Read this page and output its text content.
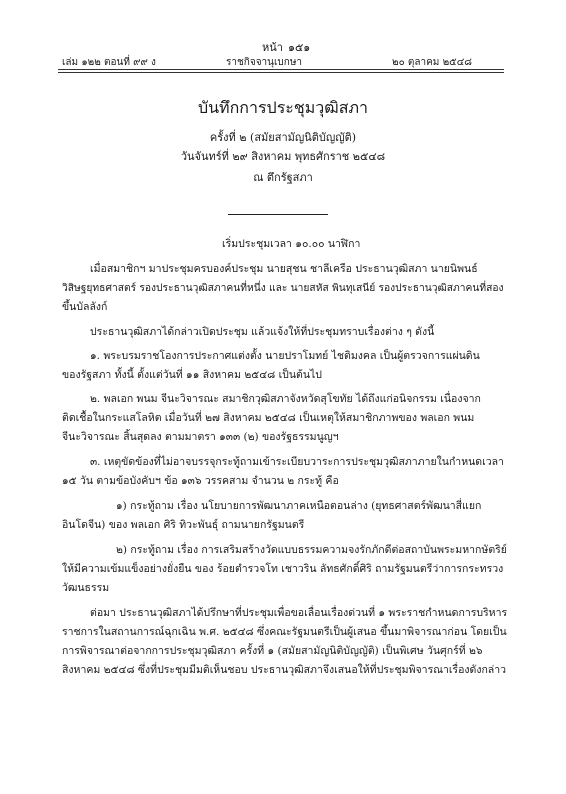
หน้า ๑๕๑
เล่ม ๑๒๒ ตอนที่ ๙๙ ง	ราชกิจจานุเบกษา	๒๐ ตุลาคม ๒๕๔๘
บันทึกการประชุมวุฒิสภา
ครั้งที่ ๒ (สมัยสามัญนิติบัญญัติ)
วันจันทร์ที่ ๒๙ สิงหาคม พุทธศักราช ๒๕๔๘
ณ ตึกรัฐสภา
เริ่มประชุมเวลา ๑๐.๐๐ นาฬิกา
เมื่อสมาชิกฯ มาประชุมครบองค์ประชุม นายสุชน ชาลีเครือ ประธานวุฒิสภา นายนิพนธ์
วิสิษฐยุทธศาสตร์ รองประธานวุฒิสภาคนที่หนึ่ง และ นายสหัส พินทุเสนีย์ รองประธานวุฒิสภาคนที่สอง
ขึ้นบัลลังก์
ประธานวุฒิสภาได้กล่าวเปิดประชุม แล้วแจ้งให้ที่ประชุมทราบเรื่องต่าง ๆ ดังนี้
๑. พระบรมราชโองการประกาศแต่งตั้ง นายปราโมทย์ ไชติมงคล เป็นผู้ตรวจการแผ่นดิน
ของรัฐสภา ทั้งนี้ ตั้งแต่วันที่ ๑๑ สิงหาคม ๒๕๔๘ เป็นต้นไป
๒. พลเอก พนม จีนะวิจารณะ สมาชิกวุฒิสภาจังหวัดสุโขทัย ได้ถึงแก่อนิจกรรม เนื่องจาก
ติดเชื้อในกระแสโลหิต เมื่อวันที่ ๒๗ สิงหาคม ๒๕๔๘ เป็นเหตุให้สมาชิกภาพของ พลเอก พนม
จีนะวิจารณะ สิ้นสุดลง ตามมาตรา ๑๓๓ (๒) ของรัฐธรรมนูญฯ
๓. เหตุขัดข้องที่ไม่อาจบรรจุกระทู้ถามเข้าระเบียบวาระการประชุมวุฒิสภาภายในกำหนดเวลา
๑๕ วัน ตามข้อบังคับฯ ข้อ ๑๓๖ วรรคสาม จำนวน ๒ กระทู้ คือ
๑) กระทู้ถาม เรื่อง นโยบายการพัฒนาภาคเหนือตอนล่าง (ยุทธศาสตร์พัฒนาสี่แยก
อินโดจีน) ของ พลเอก ศิริ ทิวะพันธุ์ ถามนายกรัฐมนตรี
๒) กระทู้ถาม เรื่อง การเสริมสร้างวัดแบบธรรมความจงรักภักดีต่อสถาบันพระมหากษัตริย์
ให้มีความเข้มแข็งอย่างยั่งยืน ของ ร้อยตำรวจโท เชาวริน ลัทธศักดิ์ศิริ ถามรัฐมนตรีว่าการกระทรวง
วัฒนธรรม
ต่อมา ประธานวุฒิสภาได้ปรึกษาที่ประชุมเพื่อขอเลื่อนเรื่องด่วนที่ ๑ พระราชกำหนดการบริหาร
ราชการในสถานการณ์ฉุกเฉิน พ.ศ. ๒๕๔๘ ซึ่งคณะรัฐมนตรีเป็นผู้เสนอ ขึ้นมาพิจารณาก่อน โดยเป็น
การพิจารณาต่อจากการประชุมวุฒิสภา ครั้งที่ ๑ (สมัยสามัญนิติบัญญัติ) เป็นพิเศษ วันศุกร์ที่ ๒๖
สิงหาคม ๒๕๔๘ ซึ่งที่ประชุมมีมติเห็นชอบ ประธานวุฒิสภาจึงเสนอให้ที่ประชุมพิจารณาเรื่องดังกล่าว
